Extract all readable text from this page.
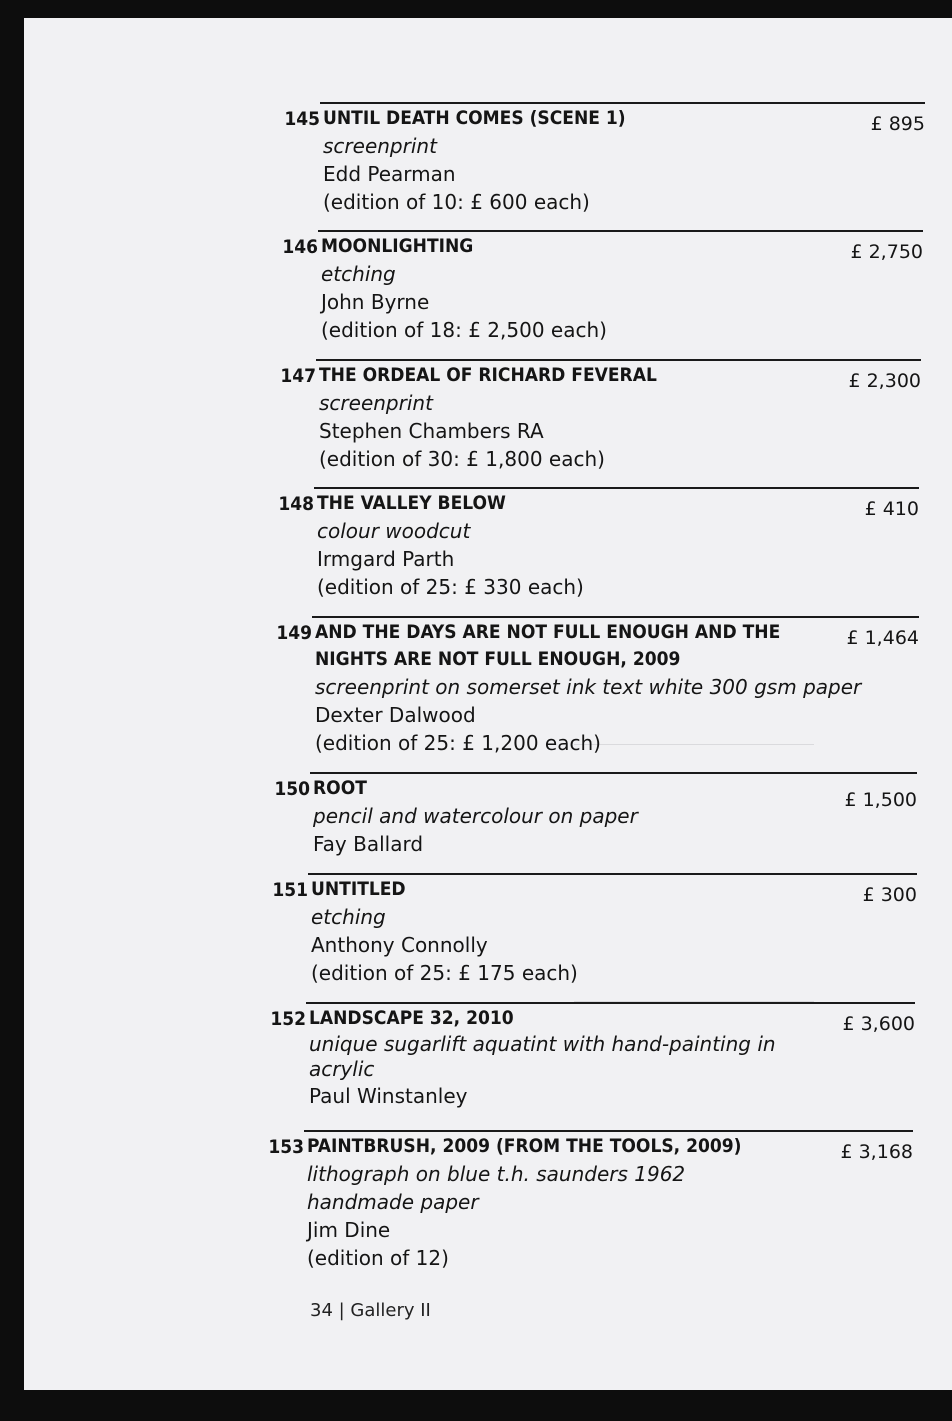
145 UNTIL DEATH COMES (SCENE 1)
screenprint
Edd Pearman
(edition of 10: £ 600 each)
£ 895
146 MOONLIGHTING
etching
John Byrne
(edition of 18: £ 2,500 each)
£ 2,750
147 THE ORDEAL OF RICHARD FEVERAL
screenprint
Stephen Chambers RA
(edition of 30: £ 1,800 each)
£ 2,300
148 THE VALLEY BELOW
colour woodcut
Irmgard Parth
(edition of 25: £ 330 each)
£ 410
149 AND THE DAYS ARE NOT FULL ENOUGH AND THE NIGHTS ARE NOT FULL ENOUGH, 2009
screenprint on somerset ink text white 300 gsm paper
Dexter Dalwood
(edition of 25: £ 1,200 each)
£ 1,464
150 ROOT
pencil and watercolour on paper
Fay Ballard
£ 1,500
151 UNTITLED
etching
Anthony Connolly
(edition of 25: £ 175 each)
£ 300
152 LANDSCAPE 32, 2010
unique sugarlift aquatint with hand-painting in acrylic
Paul Winstanley
£ 3,600
153 PAINTBRUSH, 2009 (FROM THE TOOLS, 2009)
lithograph on blue t.h. saunders 1962 handmade paper
Jim Dine
(edition of 12)
£ 3,168
34 | Gallery II
